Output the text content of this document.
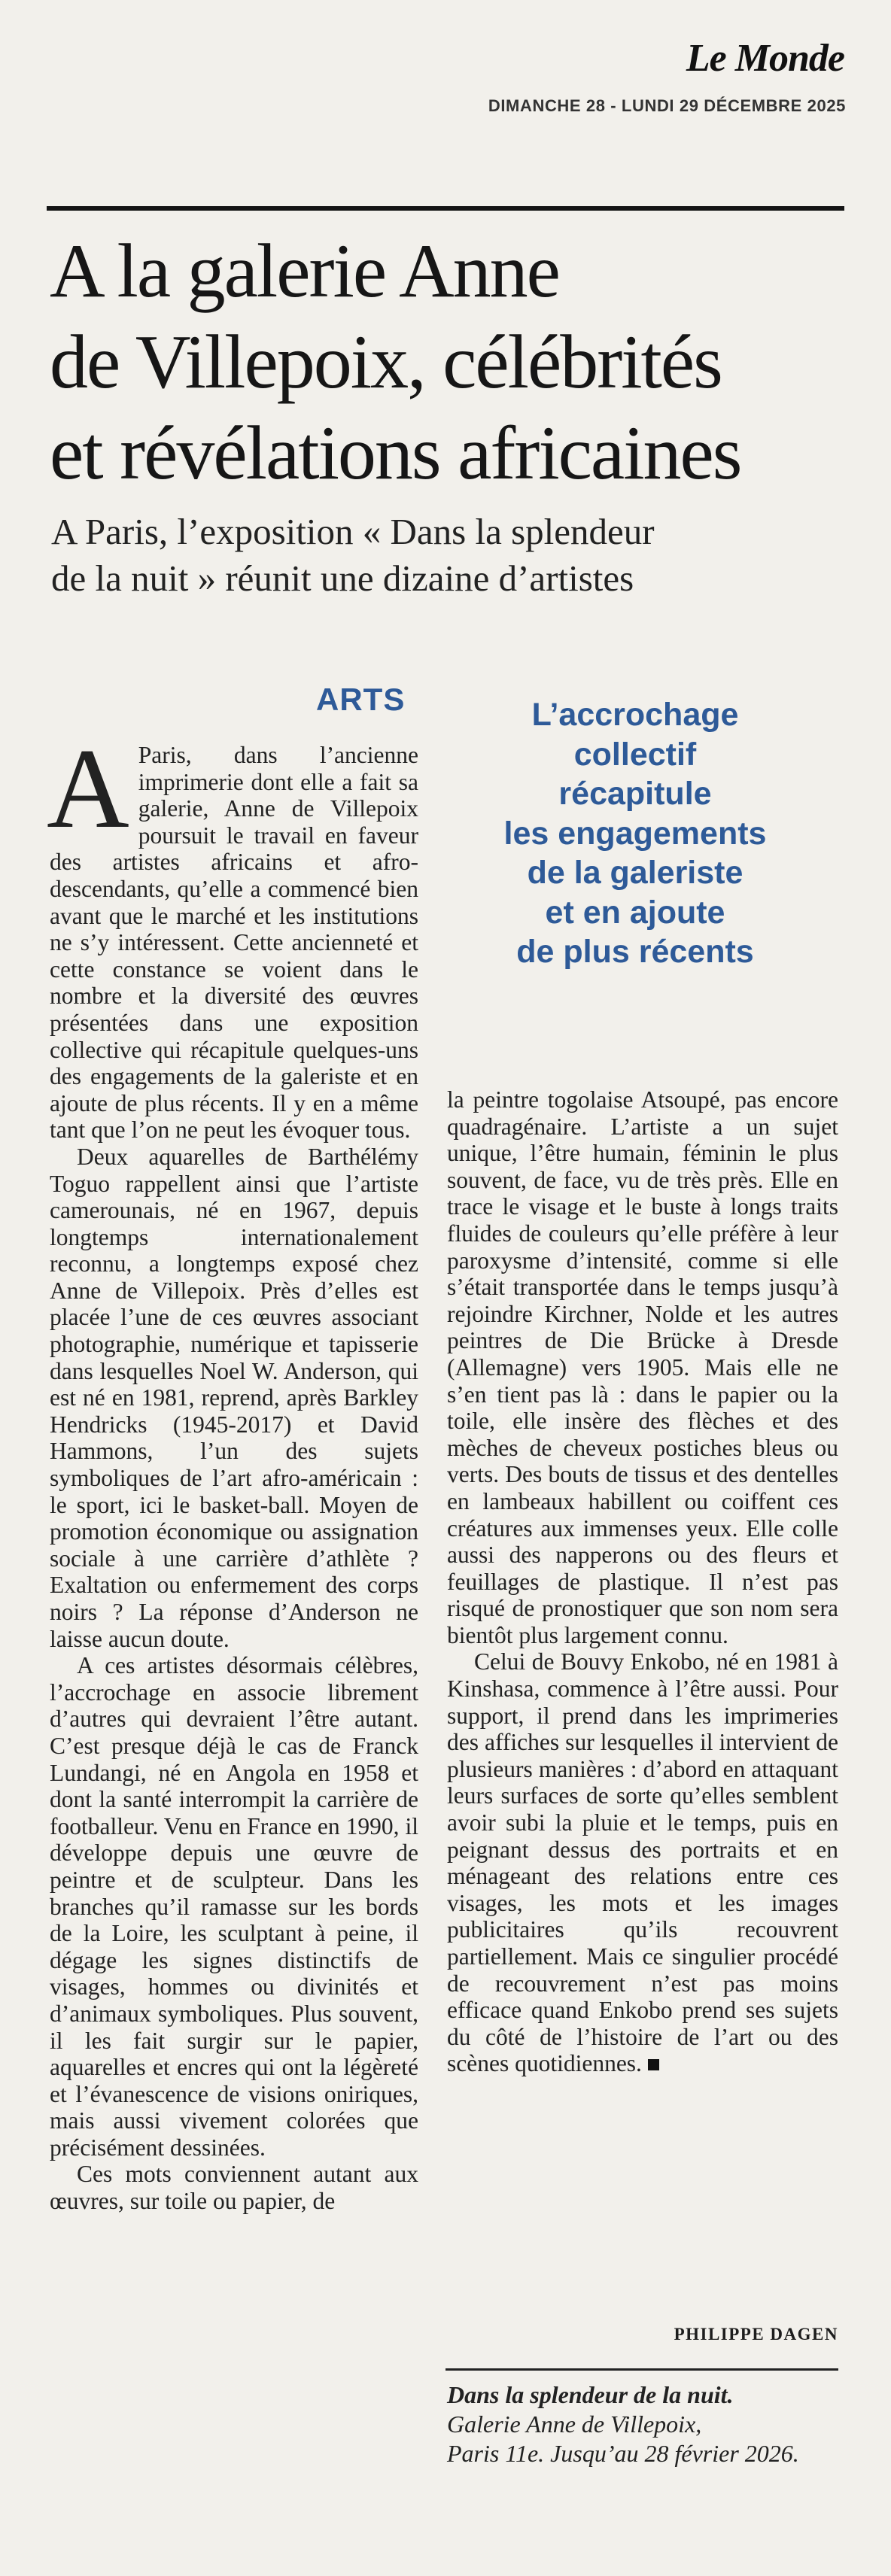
Le Monde
DIMANCHE 28 - LUNDI 29 DÉCEMBRE 2025
A la galerie Anne
de Villepoix, célébrités
et révélations africaines
A Paris, l’exposition « Dans la splendeur
de la nuit » réunit une dizaine d’artistes
ARTS	L’accrochage
collectif
récapitule
les engagements
de la galeriste
et en ajoute
de plus récents

A Paris, dans l’ancienne imprimerie dont elle a fait sa galerie, Anne de Villepoix poursuit le travail en faveur des artistes africains et afro-descendants, qu’elle a commencé bien avant que le marché et les institutions ne s’y intéressent. Cette ancienneté et cette constance se voient dans le nombre et la diversité des œuvres présentées dans une exposition collective qui récapitule quelques-uns des engagements de la galeriste et en ajoute de plus récents. Il y en a même tant que l’on ne peut les évoquer tous.

Deux aquarelles de Barthélémy Toguo rappellent ainsi que l’artiste camerounais, né en 1967, depuis longtemps internationalement reconnu, a longtemps exposé chez Anne de Villepoix. Près d’elles est placée l’une de ces œuvres associant photographie, numérique et tapisserie dans lesquelles Noel W. Anderson, qui est né en 1981, reprend, après Barkley Hendricks (1945-2017) et David Hammons, l’un des sujets symboliques de l’art afro-américain : le sport, ici le basket-ball. Moyen de promotion économique ou assignation sociale à une carrière d’athlète ? Exaltation ou enfermement des corps noirs ? La réponse d’Anderson ne laisse aucun doute.

A ces artistes désormais célèbres, l’accrochage en associe librement d’autres qui devraient l’être autant. C’est presque déjà le cas de Franck Lundangi, né en Angola en 1958 et dont la santé interrompit la carrière de footballeur. Venu en France en 1990, il développe depuis une œuvre de peintre et de sculpteur. Dans les branches qu’il ramasse sur les bords de la Loire, les sculptant à peine, il dégage les signes distinctifs de visages, hommes ou divinités et d’animaux symboliques. Plus souvent, il les fait surgir sur le papier, aquarelles et encres qui ont la légèreté et l’évanescence de visions oniriques, mais aussi vivement colorées que précisément dessinées.

Ces mots conviennent autant aux œuvres, sur toile ou papier, de

la peintre togolaise Atsoupé, pas encore quadragénaire. L’artiste a un sujet unique, l’être humain, féminin le plus souvent, de face, vu de très près. Elle en trace le visage et le buste à longs traits fluides de couleurs qu’elle préfère à leur paroxysme d’intensité, comme si elle s’était transportée dans le temps jusqu’à rejoindre Kirchner, Nolde et les autres peintres de Die Brücke à Dresde (Allemagne) vers 1905. Mais elle ne s’en tient pas là : dans le papier ou la toile, elle insère des flèches et des mèches de cheveux postiches bleus ou verts. Des bouts de tissus et des dentelles en lambeaux habillent ou coiffent ces créatures aux immenses yeux. Elle colle aussi des napperons ou des fleurs et feuillages de plastique. Il n’est pas risqué de pronostiquer que son nom sera bientôt plus largement connu.

Celui de Bouvy Enkobo, né en 1981 à Kinshasa, commence à l’être aussi. Pour support, il prend dans les imprimeries des affiches sur lesquelles il intervient de plusieurs manières : d’abord en attaquant leurs surfaces de sorte qu’elles semblent avoir subi la pluie et le temps, puis en peignant dessus des portraits et en ménageant des relations entre ces visages, les mots et les images publicitaires qu’ils recouvrent partiellement. Mais ce singulier procédé de recouvrement n’est pas moins efficace quand Enkobo prend ses sujets du côté de l’histoire de l’art ou des scènes quotidiennes.

PHILIPPE DAGEN
Dans la splendeur de la nuit.
Galerie Anne de Villepoix,
Paris 11e. Jusqu’au 28 février 2026.
